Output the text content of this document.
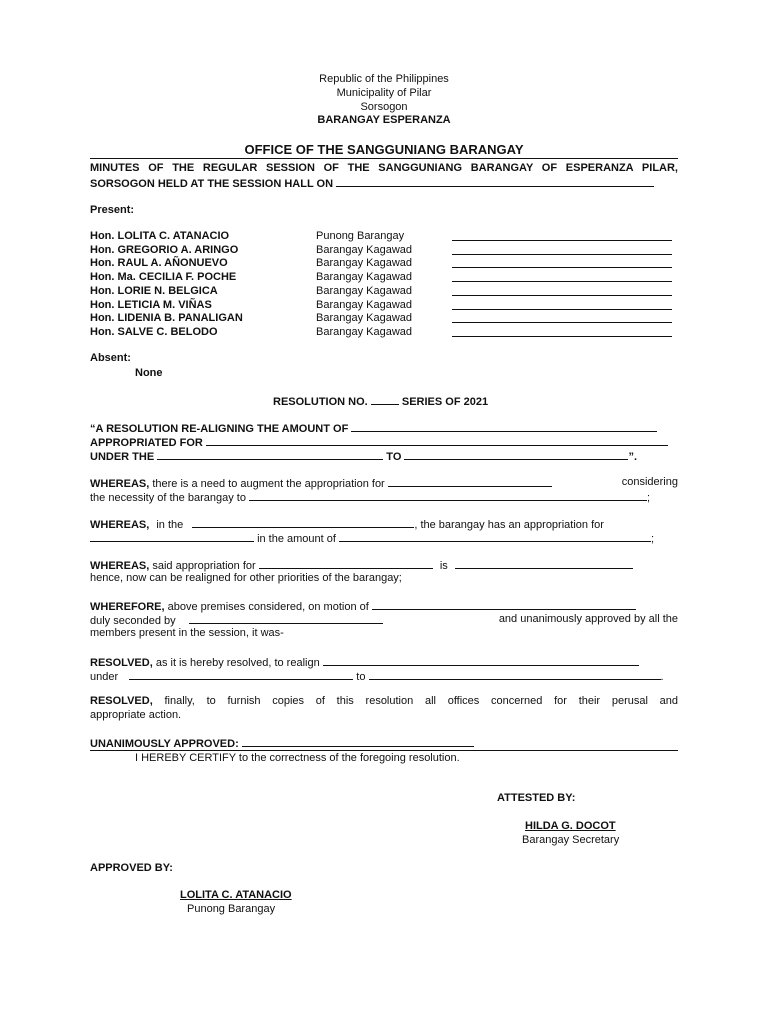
Republic of the Philippines
Municipality of Pilar
Sorsogon
BARANGAY ESPERANZA
OFFICE OF THE SANGGUNIANG BARANGAY
MINUTES OF THE REGULAR SESSION OF THE SANGGUNIANG BARANGAY OF ESPERANZA PILAR,
SORSOGON HELD AT THE SESSION HALL ON
Present:
Hon. LOLITA C. ATANACIO	Punong Barangay
Hon. GREGORIO A. ARINGO	Barangay Kagawad
Hon. RAUL A. AÑONUEVO	Barangay Kagawad
Hon. Ma. CECILIA F. POCHE	Barangay Kagawad
Hon. LORIE N. BELGICA	Barangay Kagawad
Hon. LETICIA M. VIÑAS	Barangay Kagawad
Hon. LIDENIA B. PANALIGAN	Barangay Kagawad
Hon. SALVE C. BELODO	Barangay Kagawad
Absent:
None
RESOLUTION NO.	SERIES OF 2021
“A RESOLUTION RE-ALIGNING THE AMOUNT OF
APPROPRIATED FOR
UNDER THE	TO	”.
WHEREAS, there is a need to augment the appropriation for	considering
the necessity of the barangay to	;
WHEREAS, in the	, the barangay has an appropriation for
in the amount of	;
WHEREAS, said appropriation for	is
hence, now can be realigned for other priorities of the barangay;
WHEREFORE, above premises considered, on motion of
duly seconded by	and unanimously approved by all the
members present in the session, it was-
RESOLVED, as it is hereby resolved, to realign
under	to	.
RESOLVED, finally, to furnish copies of this resolution all offices concerned for their perusal and
appropriate action.
UNANIMOUSLY APPROVED:
I HEREBY CERTIFY to the correctness of the foregoing resolution.
ATTESTED BY:
HILDA G. DOCOT
Barangay Secretary
APPROVED BY:
LOLITA C. ATANACIO
Punong Barangay
